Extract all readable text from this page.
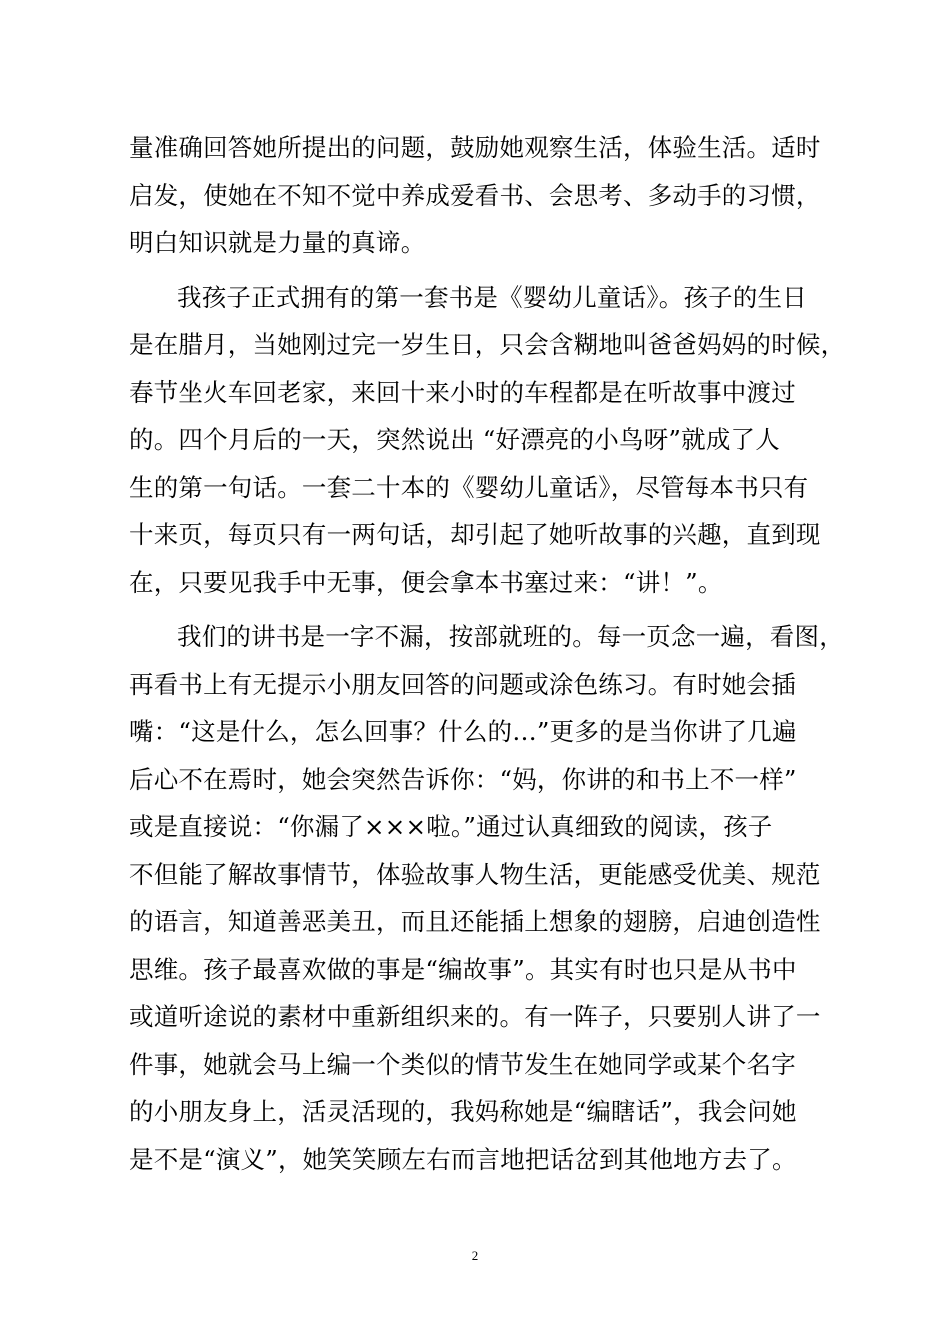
量准确回答她所提出的问题，鼓励她观察生活，体验生活。适时
启发，使她在不知不觉中养成爱看书、会思考、多动手的习惯，
明白知识就是力量的真谛。
我孩子正式拥有的第一套书是《婴幼儿童话》。孩子的生日
是在腊月，当她刚过完一岁生日，只会含糊地叫爸爸妈妈的时候，
春节坐火车回老家，来回十来小时的车程都是在听故事中渡过
的。四个月后的一天，突然说出 “好漂亮的小鸟呀”就成了人
生的第一句话。一套二十本的《婴幼儿童话》，尽管每本书只有
十来页，每页只有一两句话，却引起了她听故事的兴趣，直到现
在，只要见我手中无事，便会拿本书塞过来：“讲！”。
我们的讲书是一字不漏，按部就班的。每一页念一遍，看图，
再看书上有无提示小朋友回答的问题或涂色练习。有时她会插
嘴：“这是什么，怎么回事？什么的…”更多的是当你讲了几遍
后心不在焉时，她会突然告诉你：“妈，你讲的和书上不一样”
或是直接说：“你漏了×××啦。”通过认真细致的阅读，孩子
不但能了解故事情节，体验故事人物生活，更能感受优美、规范
的语言，知道善恶美丑，而且还能插上想象的翅膀，启迪创造性
思维。孩子最喜欢做的事是“编故事”。其实有时也只是从书中
或道听途说的素材中重新组织来的。有一阵子，只要别人讲了一
件事，她就会马上编一个类似的情节发生在她同学或某个名字
的小朋友身上，活灵活现的，我妈称她是“编瞎话”，我会问她
是不是“演义”，她笑笑顾左右而言地把话岔到其他地方去了。
2
